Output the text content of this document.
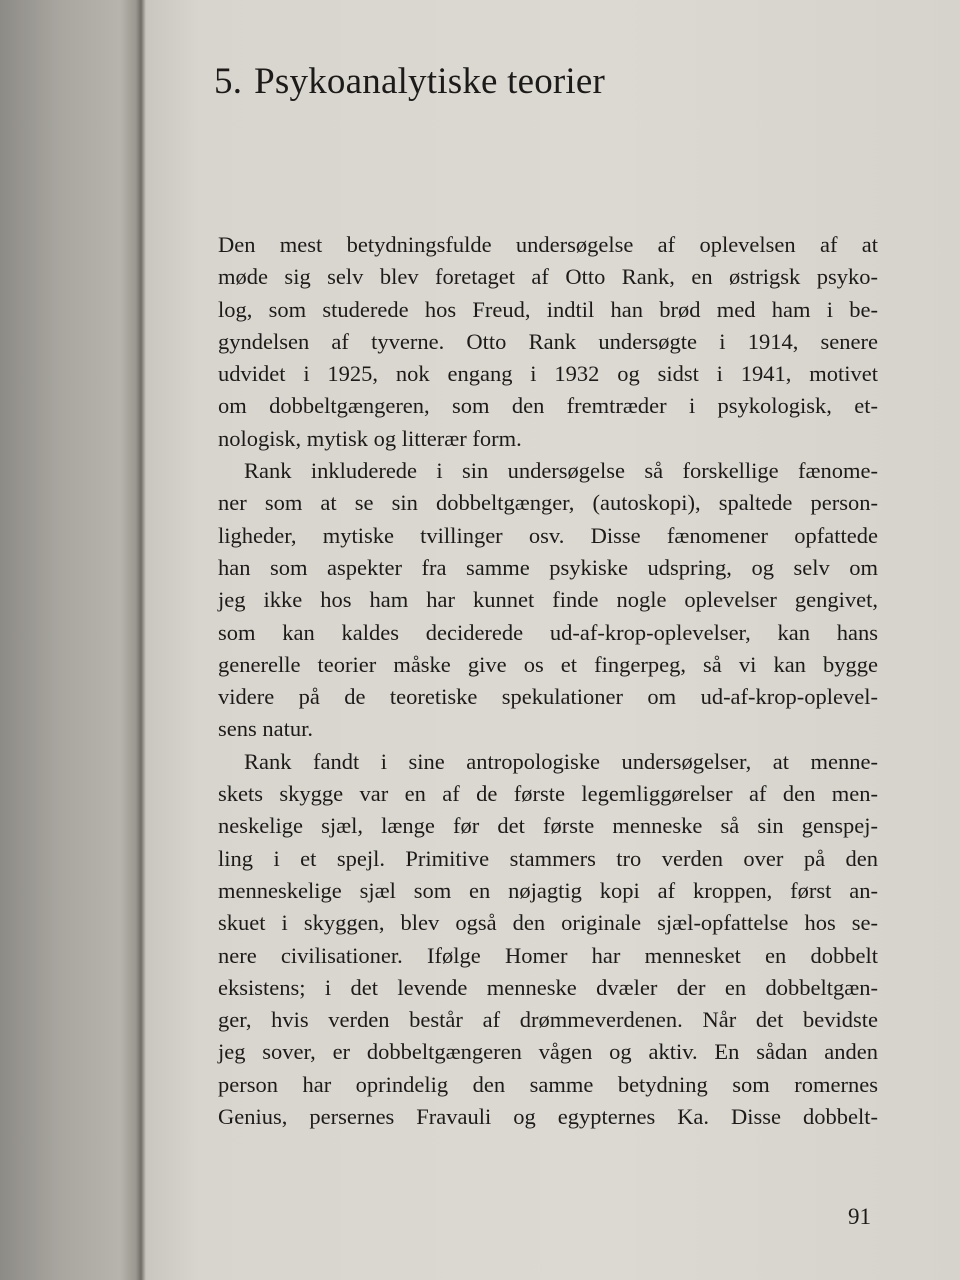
5. Psykoanalytiske teorier
Den mest betydningsfulde undersøgelse af oplevelsen af at
møde sig selv blev foretaget af Otto Rank, en østrigsk psyko-
log, som studerede hos Freud, indtil han brød med ham i be-
gyndelsen af tyverne. Otto Rank undersøgte i 1914, senere
udvidet i 1925, nok engang i 1932 og sidst i 1941, motivet
om dobbeltgængeren, som den fremtræder i psykologisk, et-
nologisk, mytisk og litterær form.
Rank inkluderede i sin undersøgelse så forskellige fænome-
ner som at se sin dobbeltgænger, (autoskopi), spaltede person-
ligheder, mytiske tvillinger osv. Disse fænomener opfattede
han som aspekter fra samme psykiske udspring, og selv om
jeg ikke hos ham har kunnet finde nogle oplevelser gengivet,
som kan kaldes deciderede ud-af-krop-oplevelser, kan hans
generelle teorier måske give os et fingerpeg, så vi kan bygge
videre på de teoretiske spekulationer om ud-af-krop-oplevel-
sens natur.
Rank fandt i sine antropologiske undersøgelser, at menne-
skets skygge var en af de første legemliggørelser af den men-
neskelige sjæl, længe før det første menneske så sin genspej-
ling i et spejl. Primitive stammers tro verden over på den
menneskelige sjæl som en nøjagtig kopi af kroppen, først an-
skuet i skyggen, blev også den originale sjæl-opfattelse hos se-
nere civilisationer. Ifølge Homer har mennesket en dobbelt
eksistens; i det levende menneske dvæler der en dobbeltgæn-
ger, hvis verden består af drømmeverdenen. Når det bevidste
jeg sover, er dobbeltgængeren vågen og aktiv. En sådan anden
person har oprindelig den samme betydning som romernes
Genius, persernes Fravauli og egypternes Ka. Disse dobbelt-
91
